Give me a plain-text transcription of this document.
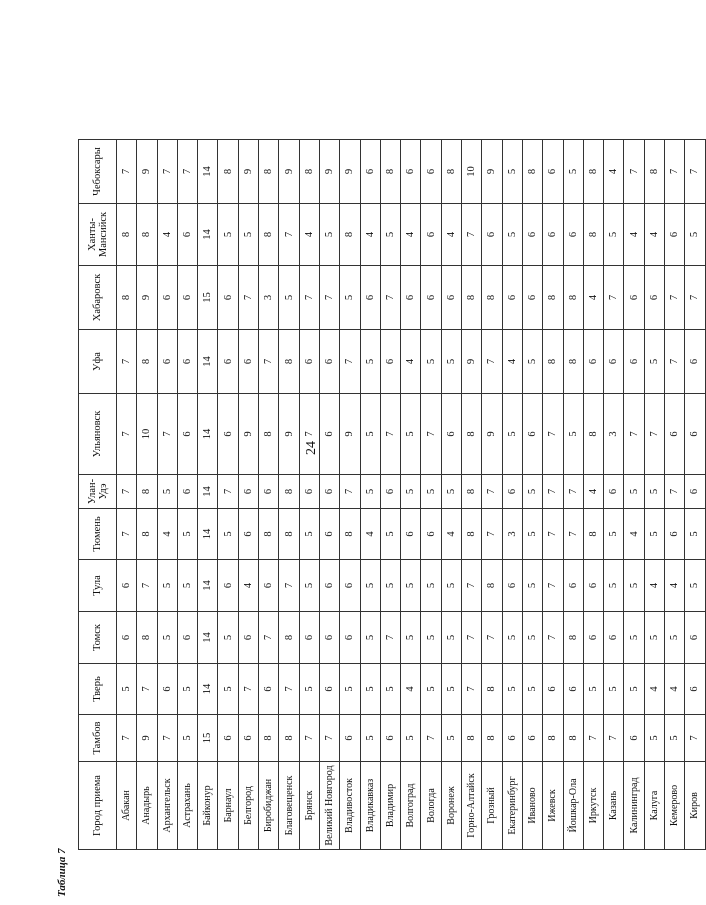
24
Таблица 7
Город приема	Тамбов	Тверь	Томск	Тула	Тюмень	Улан-Удэ	Ульяновск	Уфа	Хабаровск	Ханты-Мансийск	Чебоксары
Абакан	7	5	6	6	7	7	7	7	8	8	7
Анадырь	9	7	8	7	8	8	10	8	9	8	9
Архангельск	7	6	5	5	4	5	7	6	6	4	7
Астрахань	5	5	6	5	5	6	6	6	6	6	7
Байконур	15	14	14	14	14	14	14	14	15	14	14
Барнаул	6	5	5	6	5	7	6	6	6	5	8
Белгород	6	7	6	4	6	6	9	6	7	5	9
Биробиджан	8	6	7	6	8	6	8	7	3	8	8
Благовещенск	8	7	8	7	8	8	9	8	5	7	9
Брянск	7	5	6	5	5	6	7	6	7	4	8
Великий Новгород	7	6	6	6	6	6	6	6	7	5	9
Владивосток	6	5	6	6	8	7	9	7	5	8	9
Владикавказ	5	5	5	5	4	5	5	5	6	4	6
Владимир	6	5	7	5	5	6	7	6	7	5	8
Волгоград	5	4	5	5	6	5	5	4	6	4	6
Вологда	7	5	5	5	6	5	7	5	6	6	6
Воронеж	5	5	5	5	4	5	6	5	6	4	8
Горно-Алтайск	8	7	7	7	8	8	8	9	8	7	10
Грозный	8	8	7	8	7	7	9	7	8	6	9
Екатеринбург	6	5	5	6	3	6	5	4	6	5	5
Иваново	6	5	5	5	5	5	6	5	6	6	8
Ижевск	8	6	7	7	7	7	7	8	8	6	6
Йошкар-Ола	8	6	8	6	7	7	5	8	8	6	5
Иркутск	7	5	6	6	8	4	8	6	4	8	8
Казань	7	5	6	5	5	6	3	6	7	5	4
Калининград	6	5	5	5	4	5	7	6	6	4	7
Калуга	5	4	5	4	5	5	7	5	6	4	8
Кемерово	5	4	5	4	6	7	6	7	7	6	7
Киров	7	6	6	5	5	6	6	6	7	5	7
